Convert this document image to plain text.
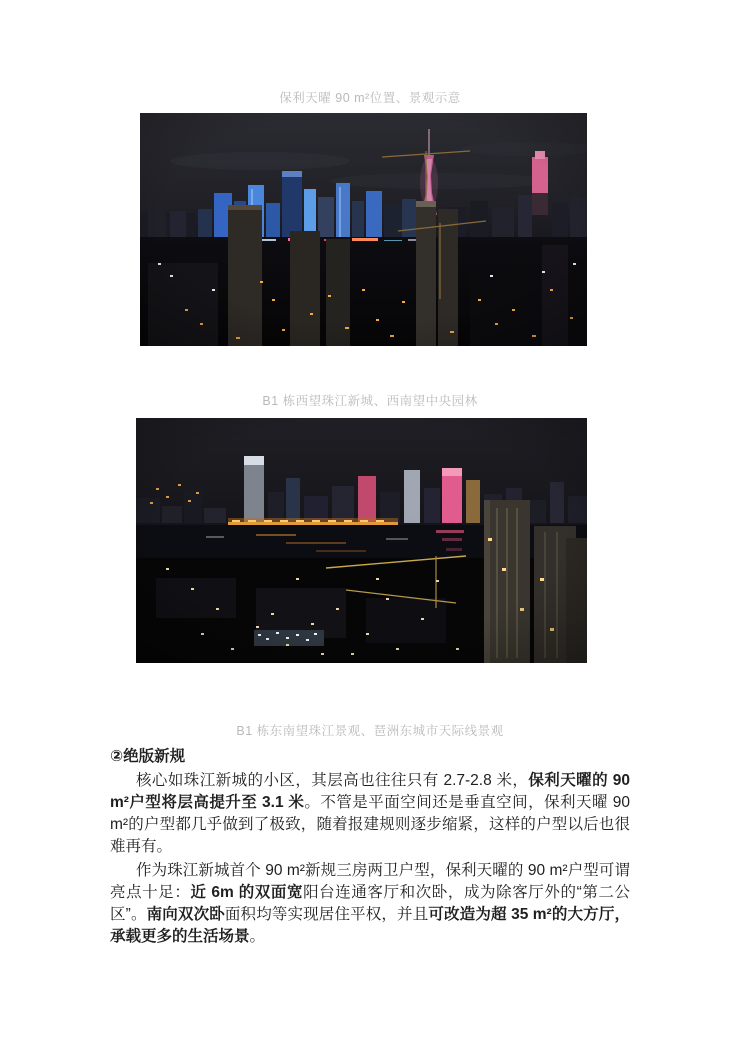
保利天曜 90 m²位置、景观示意
B1 栋西望珠江新城、西南望中央园林
B1 栋东南望珠江景观、琶洲东城市天际线景观
②绝版新规

核心如珠江新城的小区，其层高也往往只有 2.7-2.8 米，保利天曜的 90 m²户型将层高提升至 3.1 米。不管是平面空间还是垂直空间，保利天曜 90 m²的户型都几乎做到了极致，随着报建规则逐步缩紧，这样的户型以后也很难再有。

作为珠江新城首个 90 m²新规三房两卫户型，保利天曜的 90 m²户型可谓亮点十足：近 6m 的双面宽阳台连通客厅和次卧，成为除客厅外的“第二公区”。南向双次卧面积均等实现居住平权，并且可改造为超 35 m²的大方厅，承载更多的生活场景。
